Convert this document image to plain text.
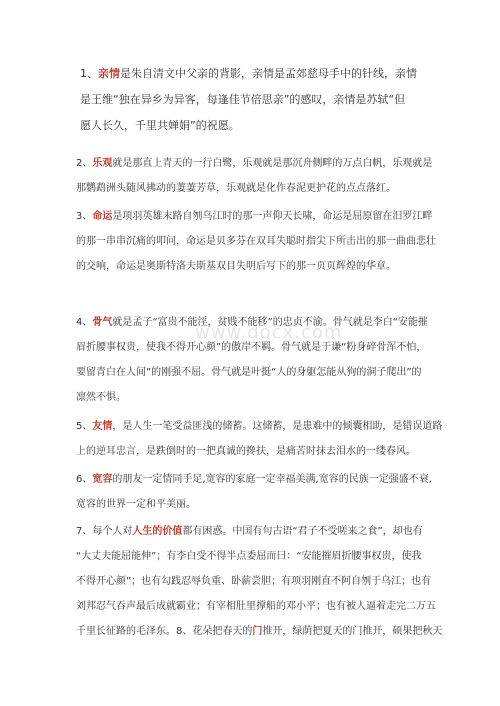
www.docx.com
1、亲情是朱自清文中父亲的背影，亲情是孟郊慈母手中的针线，亲情
是王维“独在异乡为异客，每逢佳节倍思亲”的感叹，亲情是苏轼“但
愿人长久，千里共婵娟”的祝愿。
2、乐观就是那直上青天的一行白鹭，乐观就是那沉舟侧畔的万点白帆，乐观就是
那鹦鹉洲头随风拂动的萋萋芳草，乐观就是化作春泥更护花的点点落红。
3、命运是项羽英雄末路自刎乌江时的那一声仰天长啸，命运是屈原留在汨罗江畔
的那一串串沉痛的叩问，命运是贝多芬在双耳失聪时指尖下所击出的那一曲曲悲壮
的交响，命运是奥斯特洛夫斯基双目失明后写下的那一页页辉煌的华章。
4、骨气就是孟子“富贵不能淫，贫贱不能移”的忠贞不渝。骨气就是李白“安能摧
眉折腰事权贵，使我不得开心颜”的傲岸不羁。骨气就是于谦“粉身碎骨浑不怕，
要留青白在人间”的刚强不屈。骨气就是叶挺“人的身躯怎能从狗的洞子爬出”的
凛然不惧。
5、友情，是人生一笔受益匪浅的储蓄。这储蓄，是患难中的倾囊相助，是错误道路
上的逆耳忠言，是跌倒时的一把真诚的搀扶，是痛苦时抹去泪水的一缕春风。
6、宽容的朋友一定情同手足,宽容的家庭一定幸福美满,宽容的民族一定强盛不衰,
宽容的世界一定和平美丽。
7、每个人对人生的价值都有困惑。中国有句古语“君子不受嗟来之食”，却也有
“大丈夫能屈能伸”；有李白受不得半点委屈而曰：“安能摧眉折腰事权贵，使我
不得开心颜”；也有勾践忍辱负重、卧薪尝胆；有项羽刚直不阿自刎于乌江；也有
刘邦忍气吞声最后成就霸业；有宰相肚里撑船的邓小平；也有被人逼着走完二万五
千里长征路的毛泽东。8、花朵把春天的门推开，绿荫把夏天的门推开，硕果把秋天
